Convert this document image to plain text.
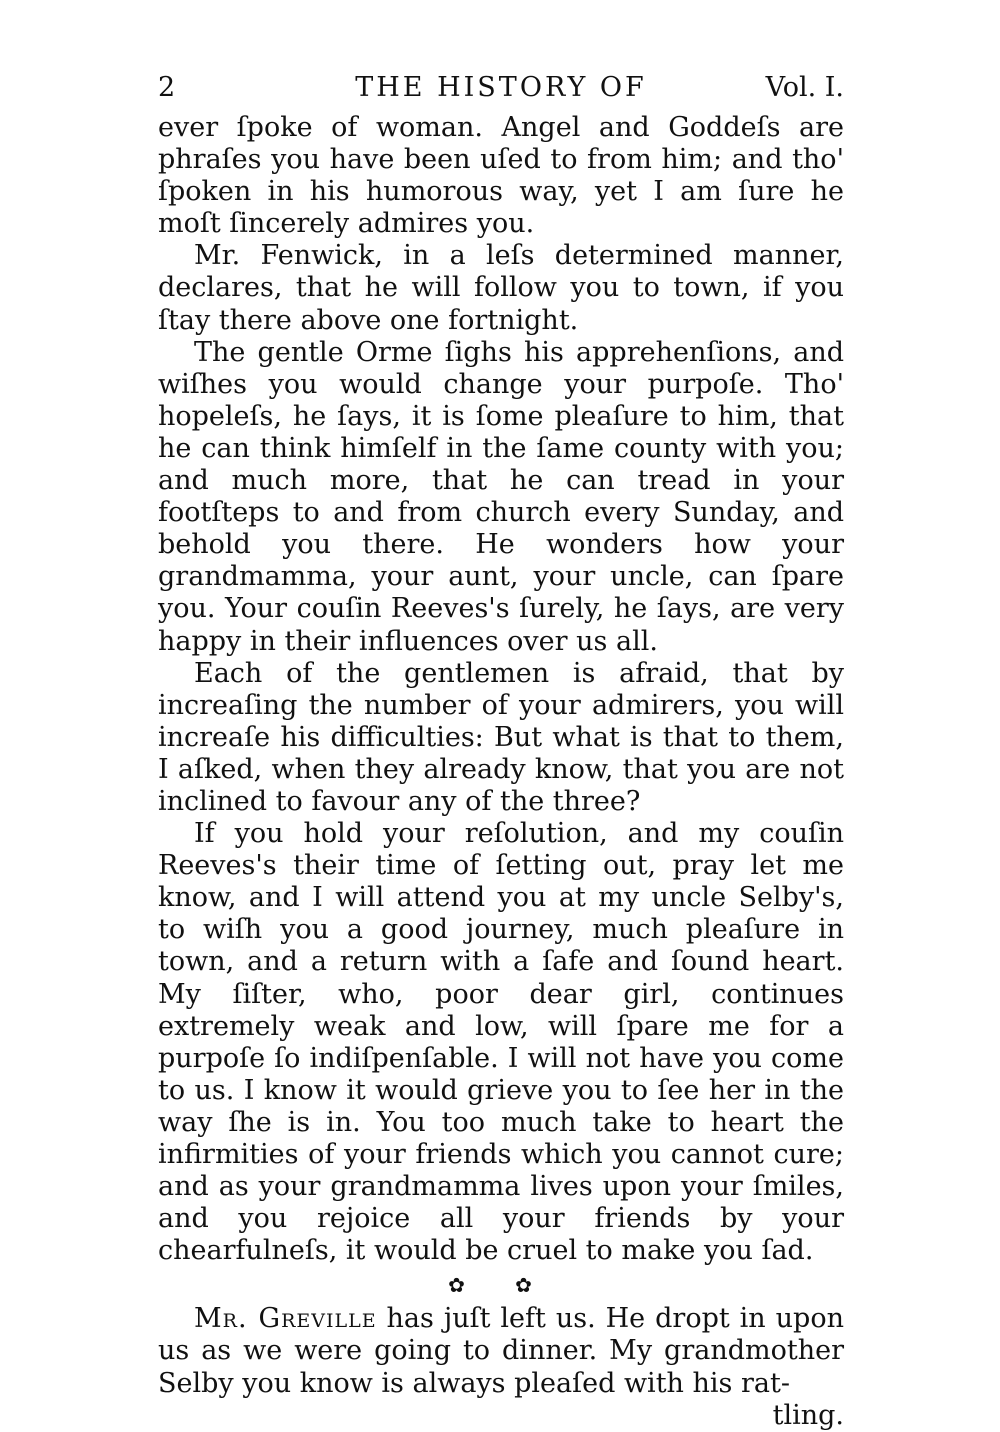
2	THE HISTORY OF	Vol. I.

ever ſpoke of woman. Angel and Goddeſs are phraſes you have been uſed to from him; and tho' ſpoken in his humorous way, yet I am ſure he moſt ſincerely admires you.

Mr. Fenwick, in a leſs determined manner, declares, that he will follow you to town, if you ſtay there above one fortnight.

The gentle Orme ſighs his apprehenſions, and wiſhes you would change your purpoſe. Tho' hopeleſs, he ſays, it is ſome pleaſure to him, that he can think himſelf in the ſame county with you; and much more, that he can tread in your footſteps to and from church every Sunday, and behold you there. He wonders how your grandmamma, your aunt, your uncle, can ſpare you. Your couſin Reeves's ſurely, he ſays, are very happy in their influences over us all.

Each of the gentlemen is afraid, that by increaſing the number of your admirers, you will increaſe his difficulties: But what is that to them, I aſked, when they already know, that you are not inclined to favour any of the three?

If you hold your reſolution, and my couſin Reeves's their time of ſetting out, pray let me know, and I will attend you at my uncle Selby's, to wiſh you a good journey, much pleaſure in town, and a return with a ſafe and ſound heart. My ſiſter, who, poor dear girl, continues extremely weak and low, will ſpare me for a purpoſe ſo indiſpenſable. I will not have you come to us. I know it would grieve you to ſee her in the way ſhe is in. You too much take to heart the infirmities of your friends which you cannot cure; and as your grandmamma lives upon your ſmiles, and you rejoice all your friends by your chearfulneſs, it would be cruel to make you ſad.

✿ ✿

Mr. Greville has juſt left us. He dropt in upon us as we were going to dinner. My grandmother Selby you know is always pleaſed with his rat-

tling.
